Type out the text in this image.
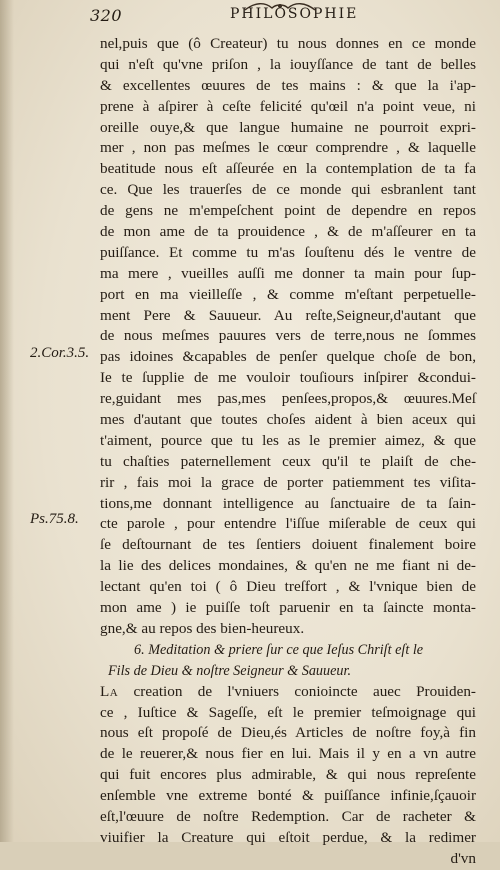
320	PHILOSOPHIE
2.Cor.3.5.
Ps.75.8.
nel,puis que (ô Createur) tu nous donnes en ce monde
qui n'eſt qu'vne priſon , la iouyſſance de tant de belles
& excellentes œuures de tes mains : & que la i'ap-
prene à aſpirer à ceſte felicité qu'œil n'a point veue, ni
oreille ouye,& que langue humaine ne pourroit expri-
mer , non pas meſmes le cœur comprendre , & laquelle
beatitude nous eſt aſſeurée en la contemplation de ta fa
ce. Que les trauerſes de ce monde qui esbranlent tant
de gens ne m'empeſchent point de dependre en repos
de mon ame de ta prouidence , & de m'aſſeurer en ta
puiſſance. Et comme tu m'as ſouſtenu dés le ventre de
ma mere , vueilles auſſi me donner ta main pour ſup-
port en ma vieilleſſe , & comme m'eſtant perpetuelle-
ment Pere & Sauueur. Au reſte,Seigneur,d'autant que
de nous meſmes pauures vers de terre,nous ne ſommes
pas idoines &capables de penſer quelque choſe de bon,
Ie te ſupplie de me vouloir touſiours inſpirer &condui-
re,guidant mes pas,mes penſees,propos,& œuures.Meſ
mes d'autant que toutes choſes aident à bien aceux qui
t'aiment, pource que tu les as le premier aimez, & que
tu chaſties paternellement ceux qu'il te plaiſt de che-
rir , fais moi la grace de porter patiemment tes viſita-
tions,me donnant intelligence au ſanctuaire de ta ſain-
cte parole , pour entendre l'iſſue miſerable de ceux qui
ſe deſtournant de tes ſentiers doiuent finalement boire
la lie des delices mondaines, & qu'en ne me fiant ni de-
lectant qu'en toi ( ô Dieu treſfort , & l'vnique bien de
mon ame ) ie puiſſe toſt paruenir en ta ſaincte monta-
gne,& au repos des bien-heureux.
6. Meditation & priere ſur ce que Ieſus Chriſt eſt le
Fils de Dieu & noſtre Seigneur & Sauueur.
La creation de l'vniuers conioincte auec Prouiden-
ce , Iuſtice & Sageſſe, eſt le premier teſmoignage qui
nous eſt propoſé de Dieu,és Articles de noſtre foy,à fin
de le reuerer,& nous fier en lui. Mais il y en a vn autre
qui fuit encores plus admirable, & qui nous repreſente
enſemble vne extreme bonté & puiſſance infinie,ſçauoir
eſt,l'œuure de noſtre Redemption. Car de racheter &
viuifier la Creature qui eſtoit perdue, & la redimer
d'vn
